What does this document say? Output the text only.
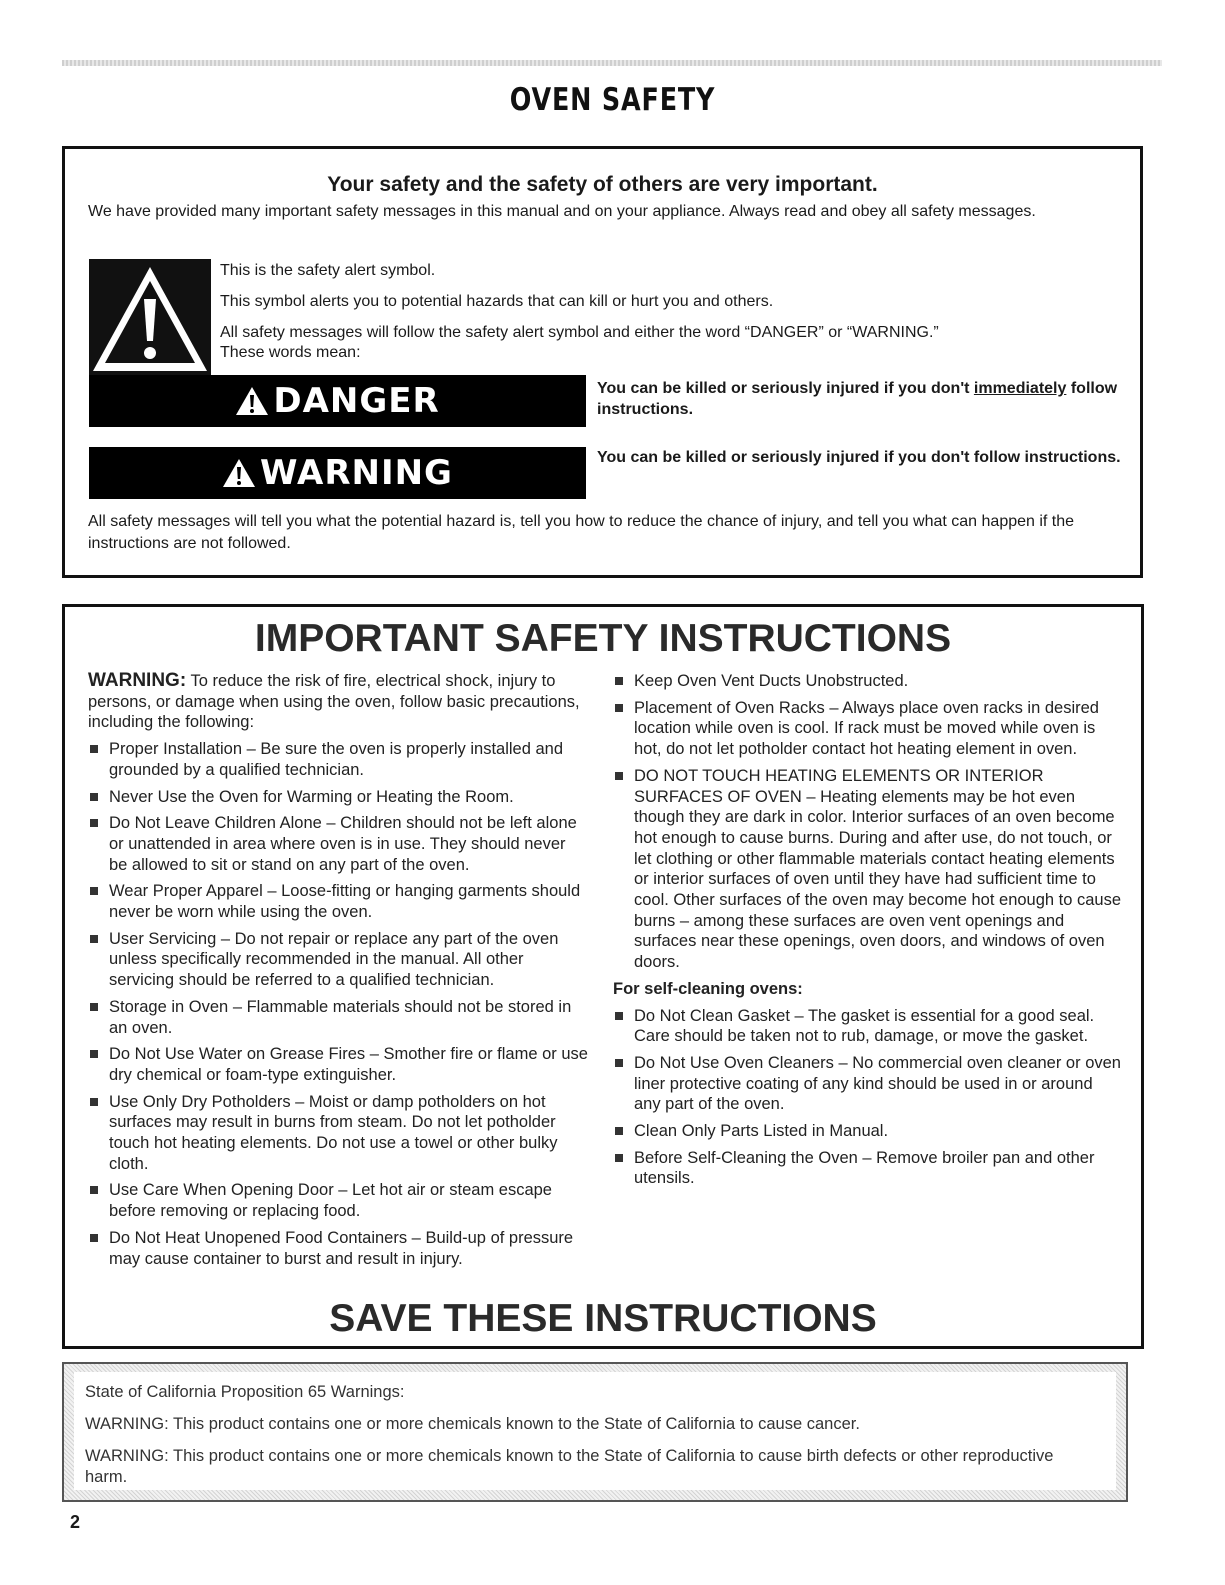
OVEN SAFETY
Your safety and the safety of others are very important.
We have provided many important safety messages in this manual and on your appliance. Always read and obey all safety messages.

This is the safety alert symbol.

This symbol alerts you to potential hazards that can kill or hurt you and others.

All safety messages will follow the safety alert symbol and either the word “DANGER” or “WARNING.”

These words mean:

DANGER	You can be killed or seriously injured if you don't immediately follow instructions.
WARNING	You can be killed or seriously injured if you don't follow instructions.
All safety messages will tell you what the potential hazard is, tell you how to reduce the chance of injury, and tell you what can happen if the instructions are not followed.
IMPORTANT SAFETY INSTRUCTIONS

WARNING: To reduce the risk of fire, electrical shock, injury to persons, or damage when using the oven, follow basic precautions, including the following:

Proper Installation – Be sure the oven is properly installed and grounded by a qualified technician.

Never Use the Oven for Warming or Heating the Room.

Do Not Leave Children Alone – Children should not be left alone or unattended in area where oven is in use. They should never be allowed to sit or stand on any part of the oven.

Wear Proper Apparel – Loose-fitting or hanging garments should never be worn while using the oven.

User Servicing – Do not repair or replace any part of the oven unless specifically recommended in the manual. All other servicing should be referred to a qualified technician.

Storage in Oven – Flammable materials should not be stored in an oven.

Do Not Use Water on Grease Fires – Smother fire or flame or use dry chemical or foam-type extinguisher.

Use Only Dry Potholders – Moist or damp potholders on hot surfaces may result in burns from steam. Do not let potholder touch hot heating elements. Do not use a towel or other bulky cloth.

Use Care When Opening Door – Let hot air or steam escape before removing or replacing food.

Do Not Heat Unopened Food Containers – Build-up of pressure may cause container to burst and result in injury.

Keep Oven Vent Ducts Unobstructed.

Placement of Oven Racks – Always place oven racks in desired location while oven is cool. If rack must be moved while oven is hot, do not let potholder contact hot heating element in oven.

DO NOT TOUCH HEATING ELEMENTS OR INTERIOR SURFACES OF OVEN – Heating elements may be hot even though they are dark in color. Interior surfaces of an oven become hot enough to cause burns. During and after use, do not touch, or let clothing or other flammable materials contact heating elements or interior surfaces of oven until they have had sufficient time to cool. Other surfaces of the oven may become hot enough to cause burns – among these surfaces are oven vent openings and surfaces near these openings, oven doors, and windows of oven doors.

For self-cleaning ovens:

Do Not Clean Gasket – The gasket is essential for a good seal. Care should be taken not to rub, damage, or move the gasket.

Do Not Use Oven Cleaners – No commercial oven cleaner or oven liner protective coating of any kind should be used in or around any part of the oven.

Clean Only Parts Listed in Manual.

Before Self-Cleaning the Oven – Remove broiler pan and other utensils.

SAVE THESE INSTRUCTIONS

State of California Proposition 65 Warnings:

WARNING: This product contains one or more chemicals known to the State of California to cause cancer.

WARNING: This product contains one or more chemicals known to the State of California to cause birth defects or other reproductive harm.

2
